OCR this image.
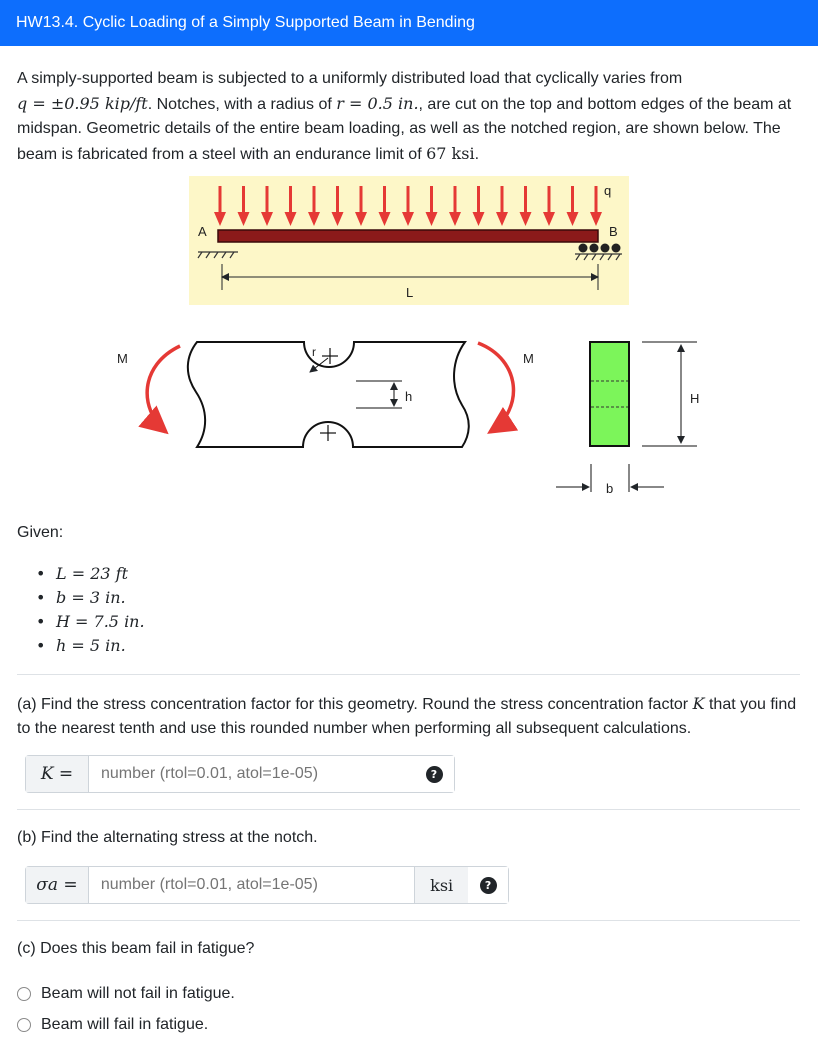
HW13.4. Cyclic Loading of a Simply Supported Beam in Bending
A simply-supported beam is subjected to a uniformly distributed load that cyclically varies from
q = ±0.95 kip/ft. Notches, with a radius of r = 0.5 in., are cut on the top and bottom edges of the beam at midspan. Geometric details of the entire beam loading, as well as the notched region, are shown below. The beam is fabricated from a steel with an endurance limit of 67 ksi.
A	B
q
L
r
h
M	M
H
b
Given:
• L = 23 ft
• b = 3 in.
• H = 7.5 in.
• h = 5 in.
(a) Find the stress concentration factor for this geometry. Round the stress concentration factor K that you find to the nearest tenth and use this rounded number when performing all subsequent calculations.
K =
number (rtol=0.01, atol=1e-05)	?
(b) Find the alternating stress at the notch.
σa =
number (rtol=0.01, atol=1e-05)	ksi	?
(c) Does this beam fail in fatigue?
Beam will not fail in fatigue.
Beam will fail in fatigue.
